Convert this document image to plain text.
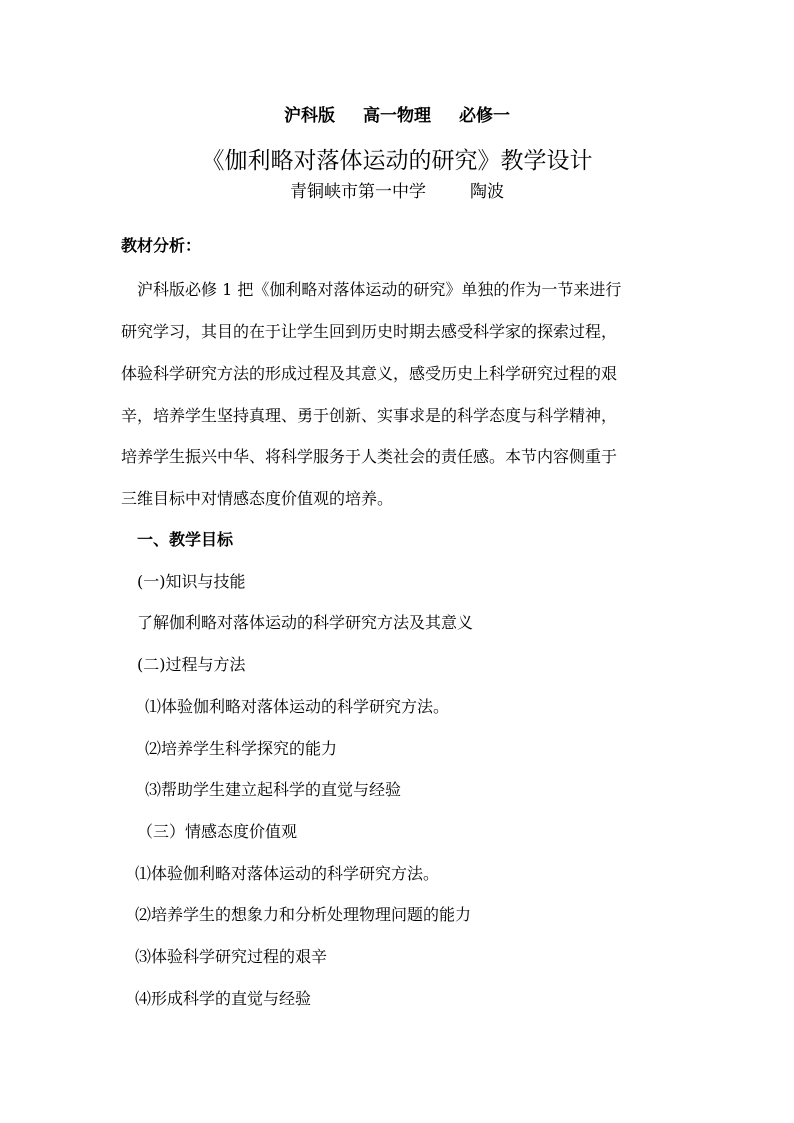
沪科版 高一物理 必修一
《伽利略对落体运动的研究》教学设计
青铜峡市第一中学	陶波
教材分析：
沪科版必修 1 把《伽利略对落体运动的研究》单独的作为一节来进行
研究学习，其目的在于让学生回到历史时期去感受科学家的探索过程，
体验科学研究方法的形成过程及其意义，感受历史上科学研究过程的艰
辛，培养学生坚持真理、勇于创新、实事求是的科学态度与科学精神，
培养学生振兴中华、将科学服务于人类社会的责任感。本节内容侧重于
三维目标中对情感态度价值观的培养。
一、教学目标
(一)知识与技能
了解伽利略对落体运动的科学研究方法及其意义
(二)过程与方法
⑴体验伽利略对落体运动的科学研究方法。
⑵培养学生科学探究的能力
⑶帮助学生建立起科学的直觉与经验
（三）情感态度价值观
⑴体验伽利略对落体运动的科学研究方法。
⑵培养学生的想象力和分析处理物理问题的能力
⑶体验科学研究过程的艰辛
⑷形成科学的直觉与经验
